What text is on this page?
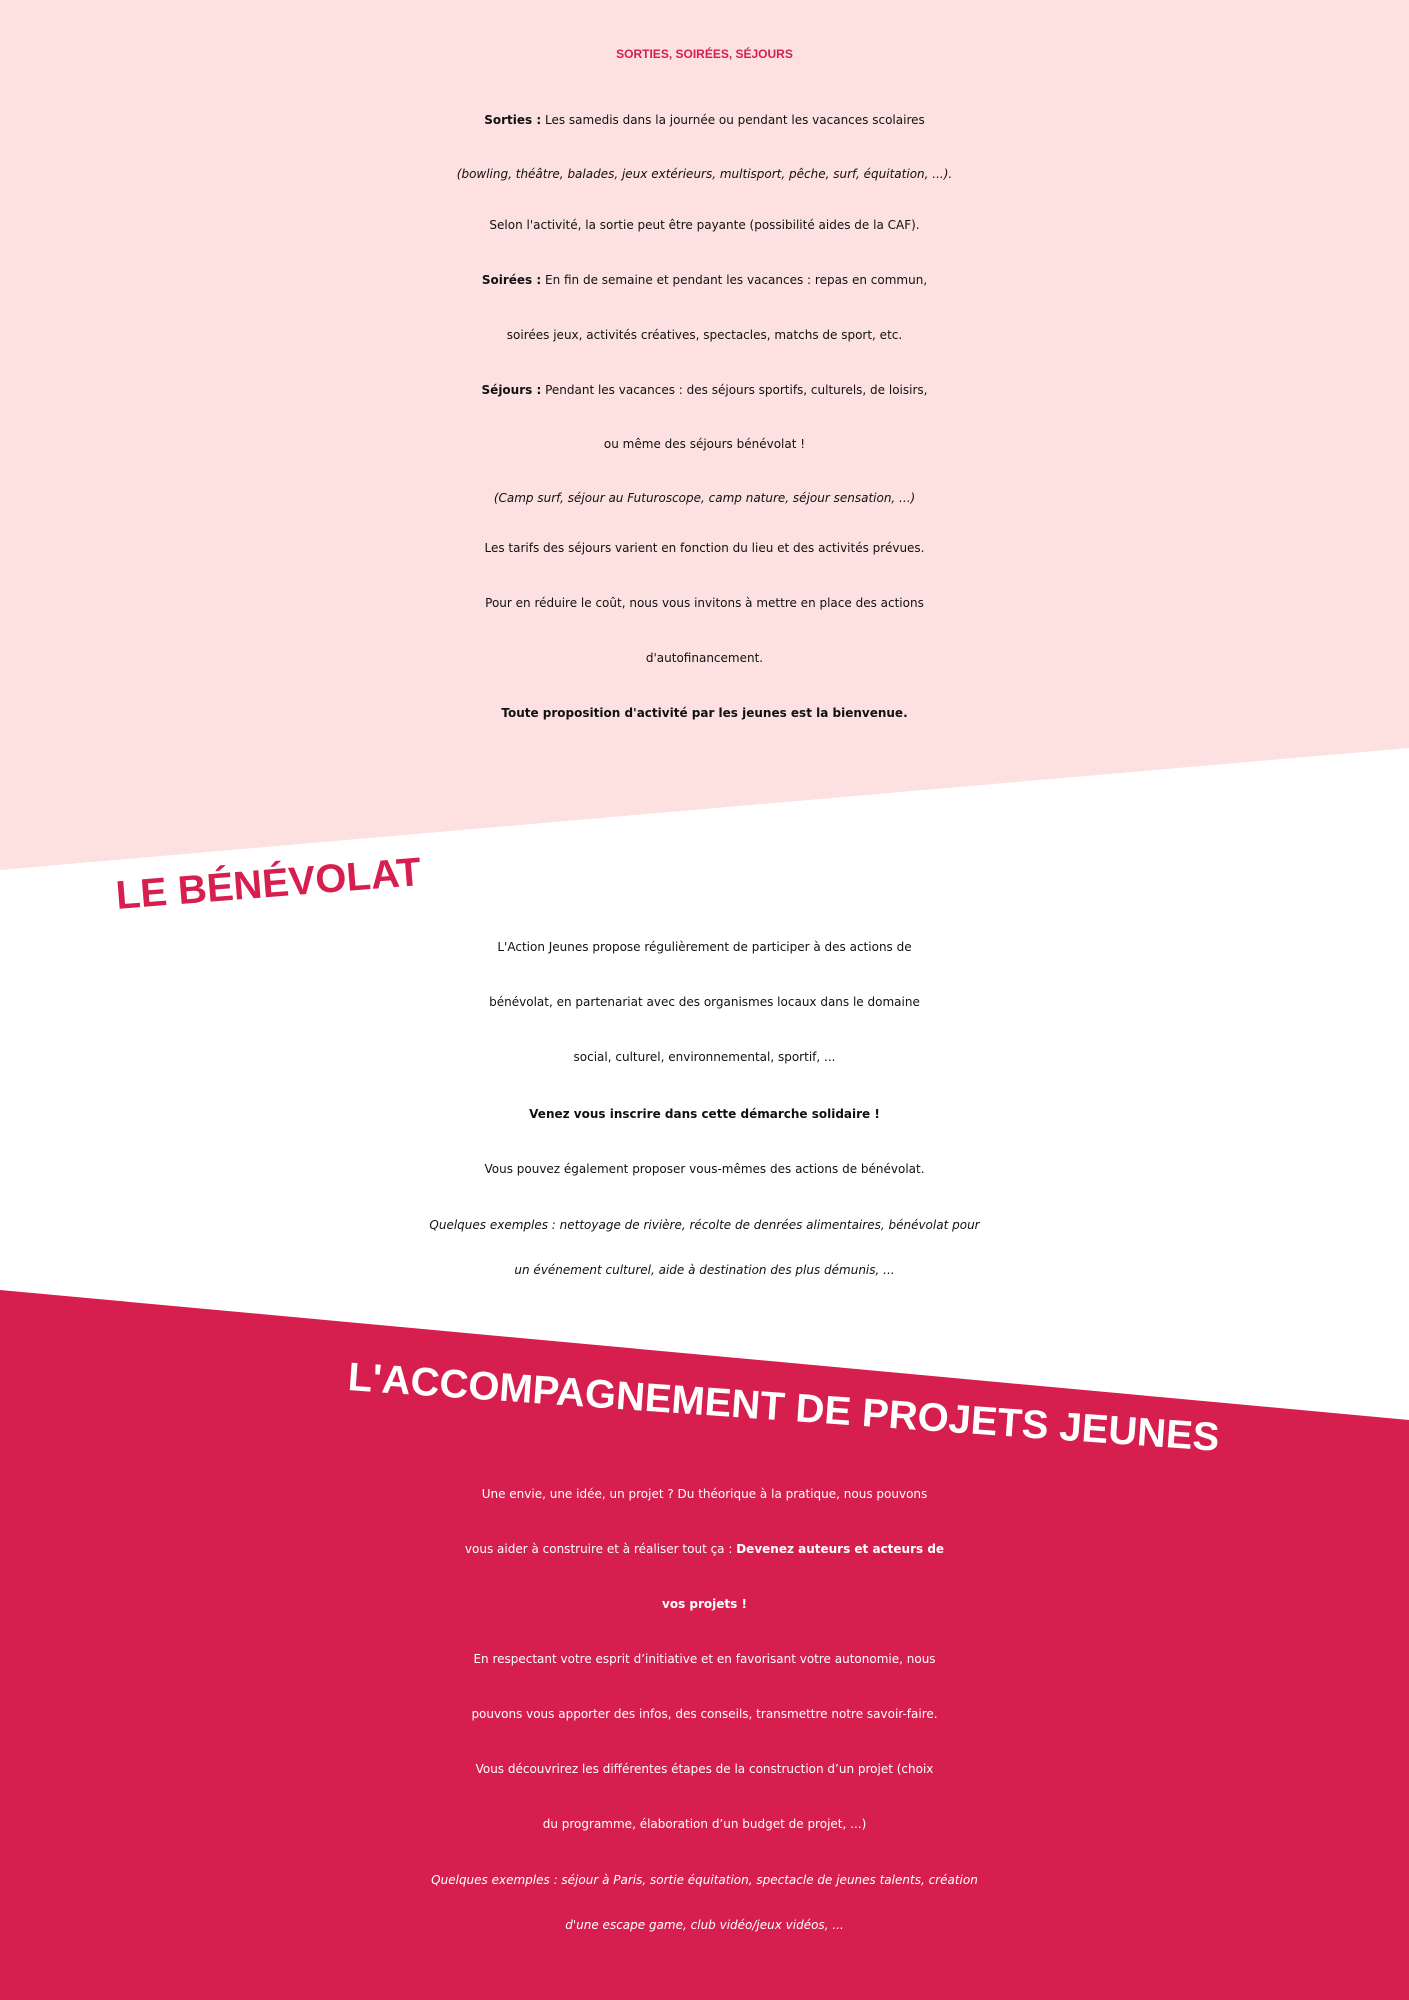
SORTIES, SOIRÉES, SÉJOURS
Sorties : Les samedis dans la journée ou pendant les vacances scolaires
(bowling, théâtre, balades, jeux extérieurs, multisport, pêche, surf, équitation, ...).
Selon l'activité, la sortie peut être payante (possibilité aides de la CAF).
Soirées : En fin de semaine et pendant les vacances : repas en commun,
soirées jeux, activités créatives, spectacles, matchs de sport, etc.
Séjours : Pendant les vacances : des séjours sportifs, culturels, de loisirs,
ou même des séjours bénévolat !
(Camp surf, séjour au Futuroscope, camp nature, séjour sensation, ...)
Les tarifs des séjours varient en fonction du lieu et des activités prévues.
Pour en réduire le coût, nous vous invitons à mettre en place des actions
d'autofinancement.
Toute proposition d'activité par les jeunes est la bienvenue.
LE BÉNÉVOLAT
L'Action Jeunes propose régulièrement de participer à des actions de
bénévolat, en partenariat avec des organismes locaux dans le domaine
social, culturel, environnemental, sportif, ...
Venez vous inscrire dans cette démarche solidaire !
Vous pouvez également proposer vous-mêmes des actions de bénévolat.
Quelques exemples : nettoyage de rivière, récolte de denrées alimentaires, bénévolat pour
un événement culturel, aide à destination des plus démunis, ...
L'ACCOMPAGNEMENT DE PROJETS JEUNES
Une envie, une idée, un projet ? Du théorique à la pratique, nous pouvons
vous aider à construire et à réaliser tout ça : Devenez auteurs et acteurs de
vos projets !
En respectant votre esprit d’initiative et en favorisant votre autonomie, nous
pouvons vous apporter des infos, des conseils, transmettre notre savoir-faire.
Vous découvrirez les différentes étapes de la construction d’un projet (choix
du programme, élaboration d’un budget de projet, ...)
Quelques exemples : séjour à Paris, sortie équitation, spectacle de jeunes talents, création
d'une escape game, club vidéo/jeux vidéos, ...
